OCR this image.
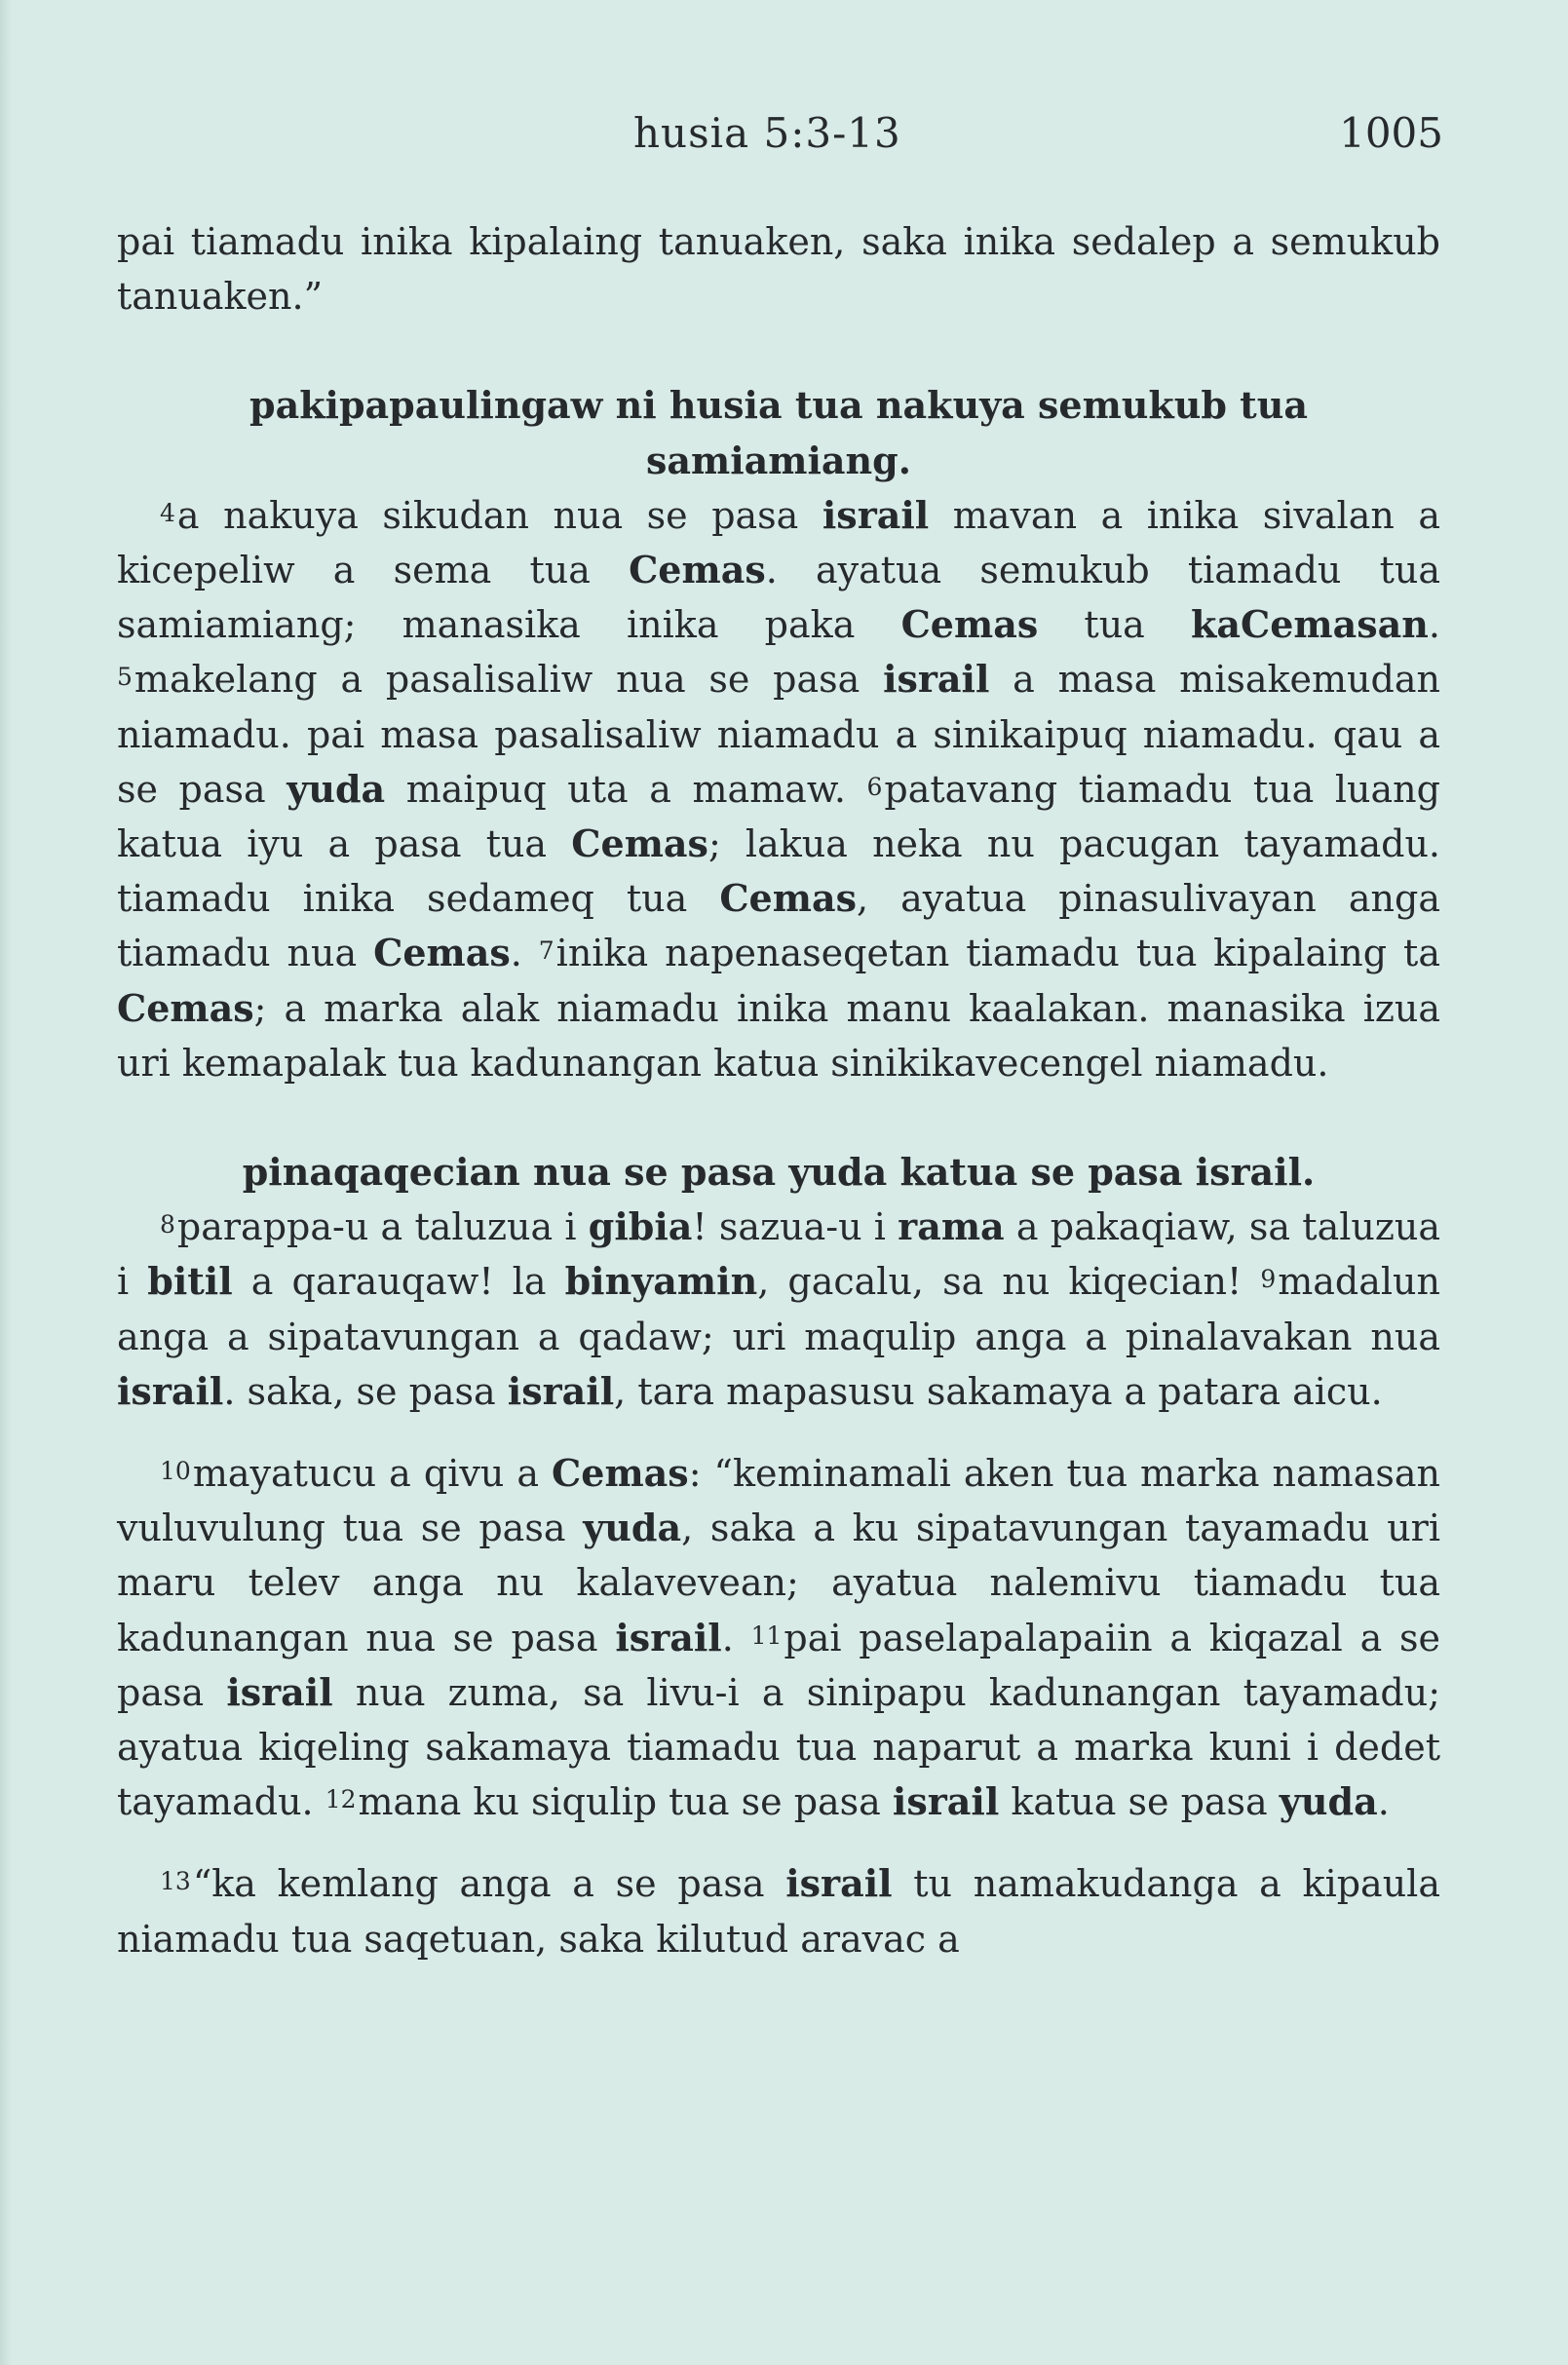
husia 5:3-13	1005

pai tiamadu inika kipalaing tanuaken, saka inika sedalep a semukub tanuaken.”

pakipapaulingaw ni husia tua nakuya semukub tua samiamiang.

$^4$a nakuya sikudan nua se pasa israil mavan a inika sivalan a kicepeliw a sema tua Cemas. ayatua semukub tiamadu tua samiamiang; manasika inika paka Cemas tua kaCemasan. $^5$makelang a pasalisaliw nua se pasa israil a masa misakemudan niamadu. pai masa pasalisaliw niamadu a sinikaipuq niamadu. qau a se pasa yuda maipuq uta a mamaw. $^6$patavang tiamadu tua luang katua iyu a pasa tua Cemas; lakua neka nu pacugan tayamadu. tiamadu inika sedameq tua Cemas, ayatua pinasulivayan anga tiamadu nua Cemas. $^7$inika napenaseqetan tiamadu tua kipalaing ta Cemas; a marka alak niamadu inika manu kaalakan. manasika izua uri kemapalak tua kadunangan katua sinikikavecengel niamadu.

pinaqaqecian nua se pasa yuda katua se pasa israil.

$^8$parappa-u a taluzua i gibia! sazua-u i rama a pakaqiaw, sa taluzua i bitil a qarauqaw! la binyamin, gacalu, sa nu kiqecian! $^9$madalun anga a sipatavungan a qadaw; uri maqulip anga a pinalavakan nua israil. saka, se pasa israil, tara mapasusu sakamaya a patara aicu.

$^{10}$mayatucu a qivu a Cemas: “keminamali aken tua marka namasan vuluvulung tua se pasa yuda, saka a ku sipatavungan tayamadu uri maru telev anga nu kalavevean; ayatua nalemivu tiamadu tua kadunangan nua se pasa israil. $^{11}$pai paselapalapaiin a kiqazal a se pasa israil nua zuma, sa livu-i a sinipapu kadunangan tayamadu; ayatua kiqeling sakamaya tiamadu tua naparut a marka kuni i dedet tayamadu. $^{12}$mana ku siqulip tua se pasa israil katua se pasa yuda.

$^{13}$“ka kemlang anga a se pasa israil tu namakudanga a kipaula niamadu tua saqetuan, saka kilutud aravac a
